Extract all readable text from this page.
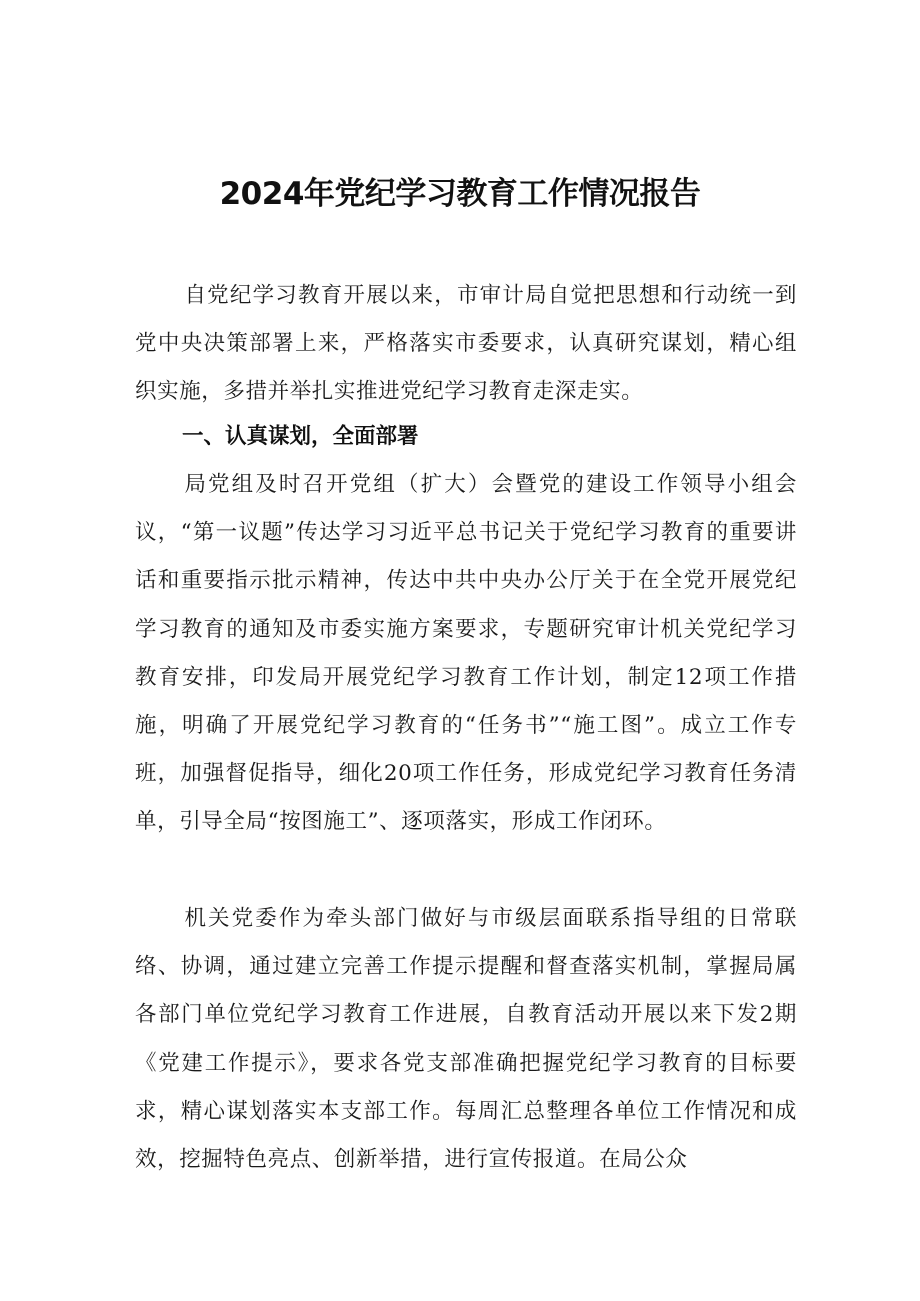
2024年党纪学习教育工作情况报告

自党纪学习教育开展以来，市审计局自觉把思想和行动统一到党中央决策部署上来，严格落实市委要求，认真研究谋划，精心组织实施，多措并举扎实推进党纪学习教育走深走实。

一、认真谋划，全面部署

局党组及时召开党组（扩大）会暨党的建设工作领导小组会议，“第一议题”传达学习习近平总书记关于党纪学习教育的重要讲话和重要指示批示精神，传达中共中央办公厅关于在全党开展党纪学习教育的通知及市委实施方案要求，专题研究审计机关党纪学习教育安排，印发局开展党纪学习教育工作计划，制定12项工作措施，明确了开展党纪学习教育的“任务书”“施工图”。成立工作专班，加强督促指导，细化20项工作任务，形成党纪学习教育任务清单，引导全局“按图施工”、逐项落实，形成工作闭环。

机关党委作为牵头部门做好与市级层面联系指导组的日常联络、协调，通过建立完善工作提示提醒和督查落实机制，掌握局属各部门单位党纪学习教育工作进展，自教育活动开展以来下发2期《党建工作提示》，要求各党支部准确把握党纪学习教育的目标要求，精心谋划落实本支部工作。每周汇总整理各单位工作情况和成效，挖掘特色亮点、创新举措，进行宣传报道。在局公众
